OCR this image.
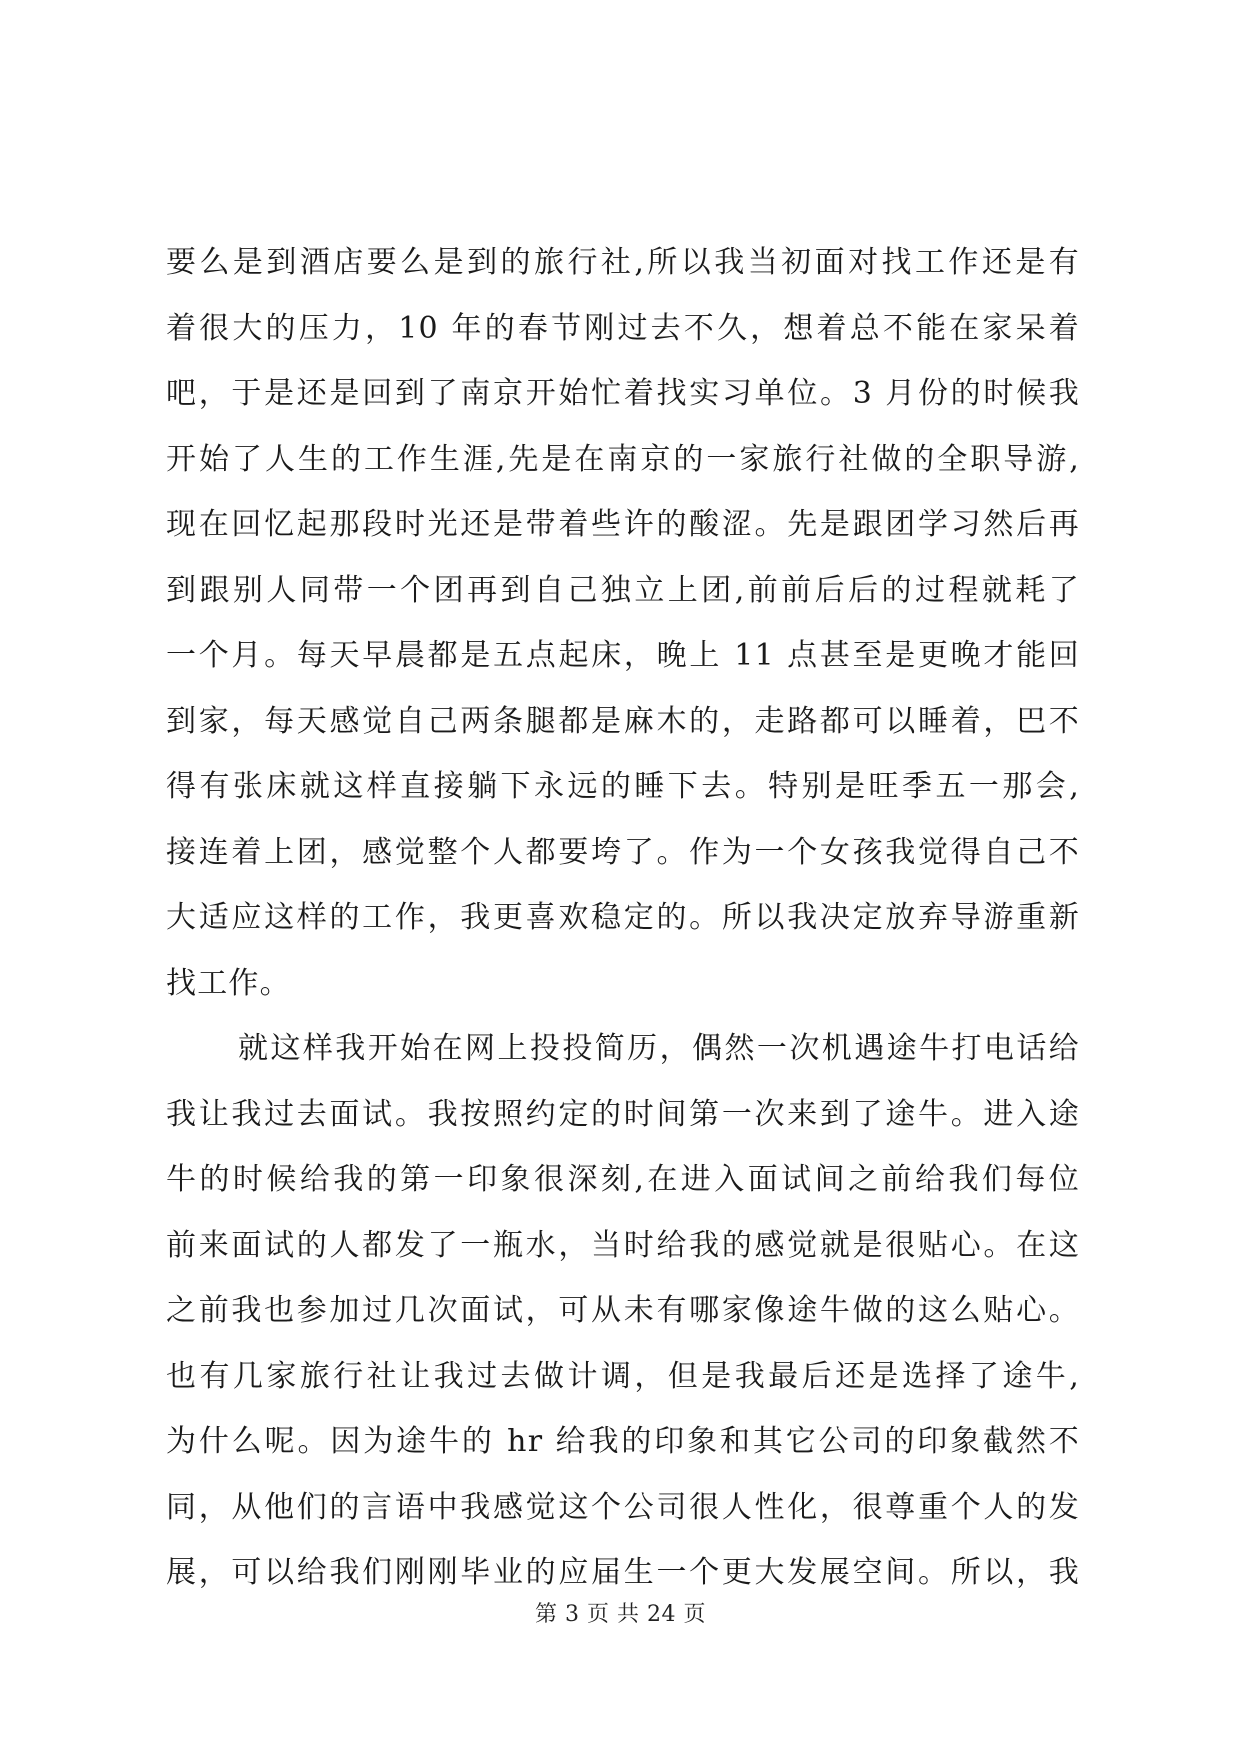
要么是到酒店要么是到的旅行社,所以我当初面对找工作还是有
着很大的压力，10 年的春节刚过去不久，想着总不能在家呆着
吧，于是还是回到了南京开始忙着找实习单位。3 月份的时候我
开始了人生的工作生涯,先是在南京的一家旅行社做的全职导游,
现在回忆起那段时光还是带着些许的酸涩。先是跟团学习然后再
到跟别人同带一个团再到自己独立上团,前前后后的过程就耗了
一个月。每天早晨都是五点起床，晚上 11 点甚至是更晚才能回
到家，每天感觉自己两条腿都是麻木的，走路都可以睡着，巴不
得有张床就这样直接躺下永远的睡下去。特别是旺季五一那会,
接连着上团，感觉整个人都要垮了。作为一个女孩我觉得自己不
大适应这样的工作，我更喜欢稳定的。所以我决定放弃导游重新
找工作。
就这样我开始在网上投投简历，偶然一次机遇途牛打电话给
我让我过去面试。我按照约定的时间第一次来到了途牛。进入途
牛的时候给我的第一印象很深刻,在进入面试间之前给我们每位
前来面试的人都发了一瓶水，当时给我的感觉就是很贴心。在这
之前我也参加过几次面试，可从未有哪家像途牛做的这么贴心。
也有几家旅行社让我过去做计调，但是我最后还是选择了途牛,
为什么呢。因为途牛的 hr 给我的印象和其它公司的印象截然不
同，从他们的言语中我感觉这个公司很人性化，很尊重个人的发
展，可以给我们刚刚毕业的应届生一个更大发展空间。所以，我
第 3 页 共 24 页
